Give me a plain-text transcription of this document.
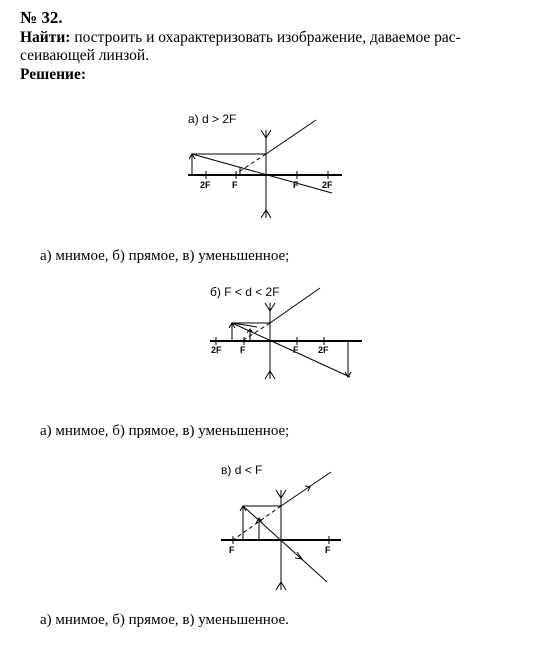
№ 32.
Найти: построить и охарактеризовать изображение, даваемое рассеивающей линзой.
Решение:
а) d > 2F
2F F	F	2F
а) мнимое, б) прямое, в) уменьшенное;
б) F < d < 2F
2F F	F 2F
а) мнимое, б) прямое, в) уменьшенное;
в) d < F
F	F
а) мнимое, б) прямое, в) уменьшенное.
